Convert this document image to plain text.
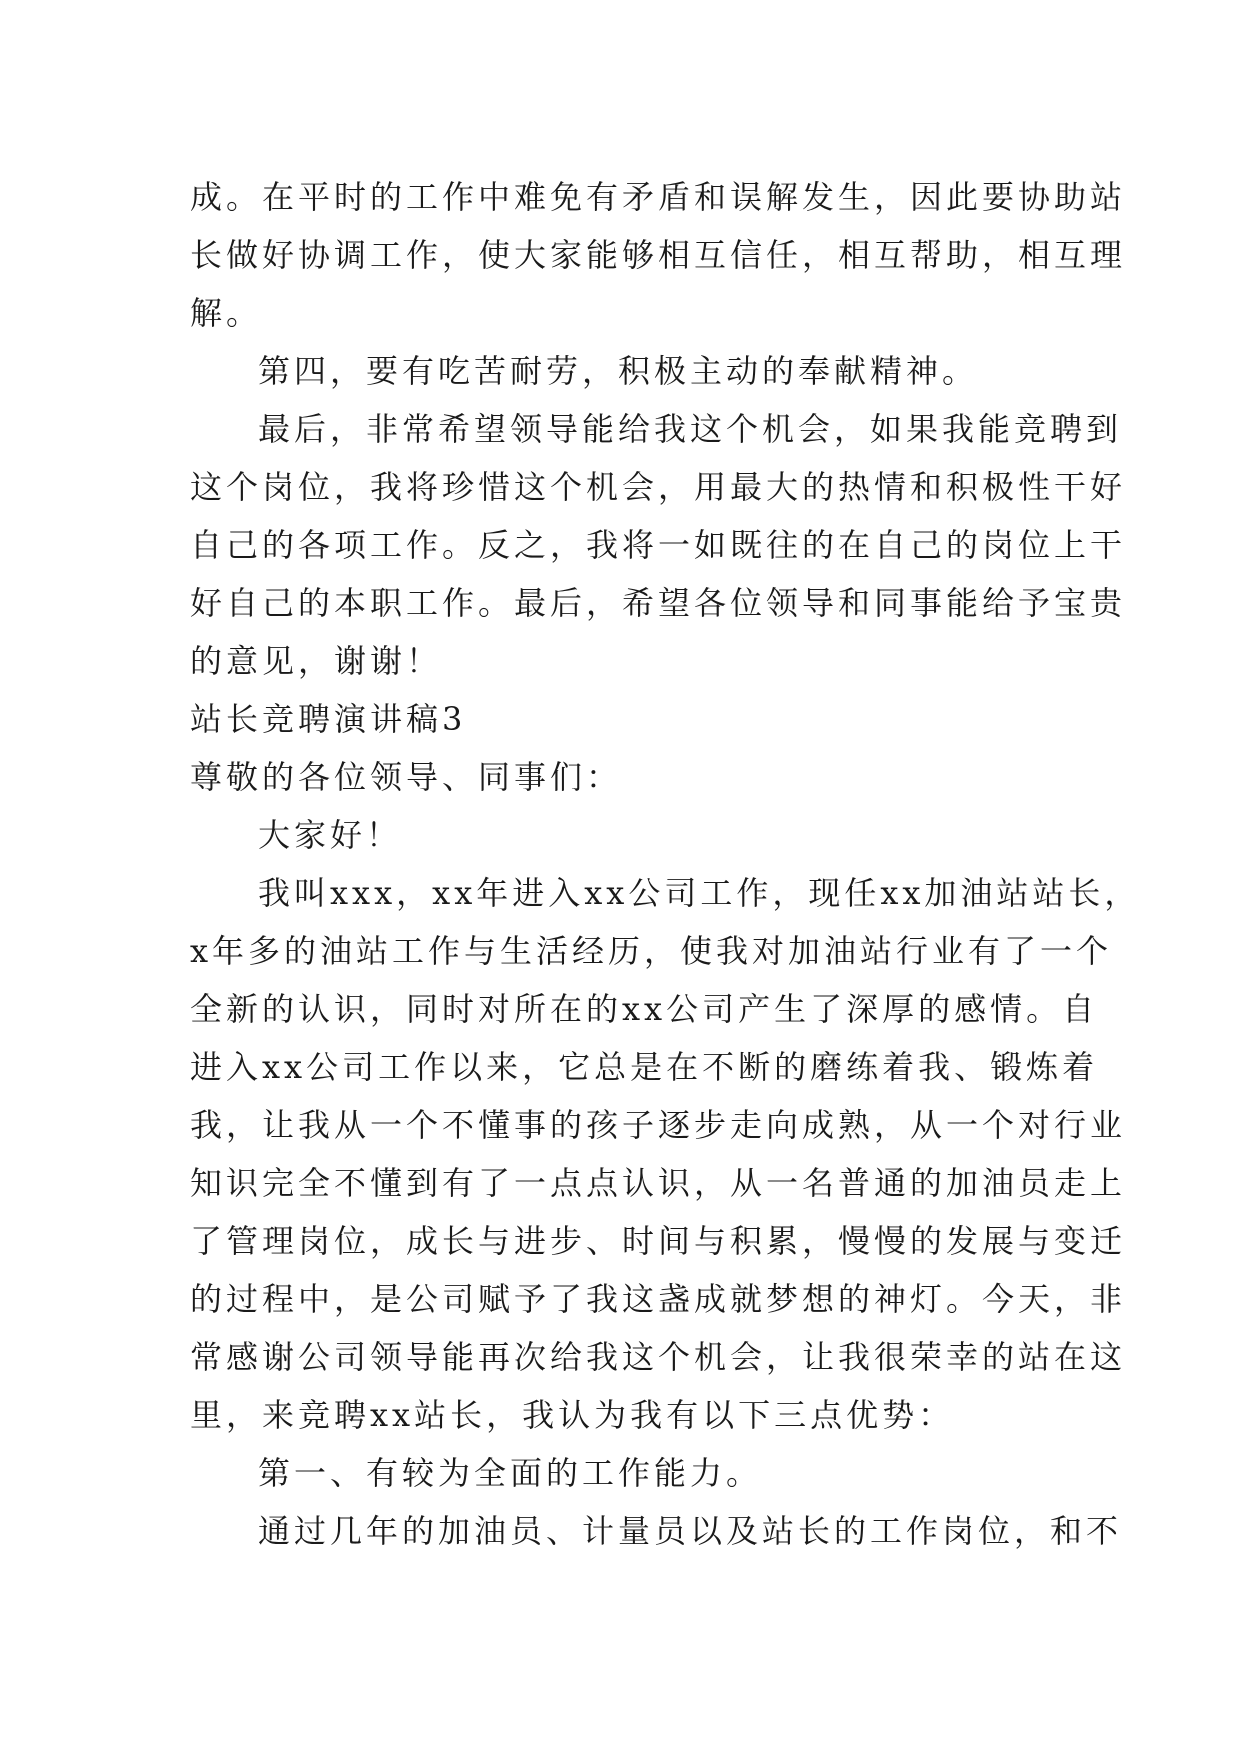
成。在平时的工作中难免有矛盾和误解发生，因此要协助站
长做好协调工作，使大家能够相互信任，相互帮助，相互理
解。
第四，要有吃苦耐劳，积极主动的奉献精神。
最后，非常希望领导能给我这个机会，如果我能竞聘到
这个岗位，我将珍惜这个机会，用最大的热情和积极性干好
自己的各项工作。反之，我将一如既往的在自己的岗位上干
好自己的本职工作。最后，希望各位领导和同事能给予宝贵
的意见，谢谢！
站长竞聘演讲稿3
尊敬的各位领导、同事们：
大家好！
我叫xxx，xx年进入xx公司工作，现任xx加油站站长，
x年多的油站工作与生活经历，使我对加油站行业有了一个
全新的认识，同时对所在的xx公司产生了深厚的感情。自
进入xx公司工作以来，它总是在不断的磨练着我、锻炼着
我，让我从一个不懂事的孩子逐步走向成熟，从一个对行业
知识完全不懂到有了一点点认识，从一名普通的加油员走上
了管理岗位，成长与进步、时间与积累，慢慢的发展与变迁
的过程中，是公司赋予了我这盏成就梦想的神灯。今天，非
常感谢公司领导能再次给我这个机会，让我很荣幸的站在这
里，来竞聘xx站长，我认为我有以下三点优势：
第一、有较为全面的工作能力。
通过几年的加油员、计量员以及站长的工作岗位，和不
